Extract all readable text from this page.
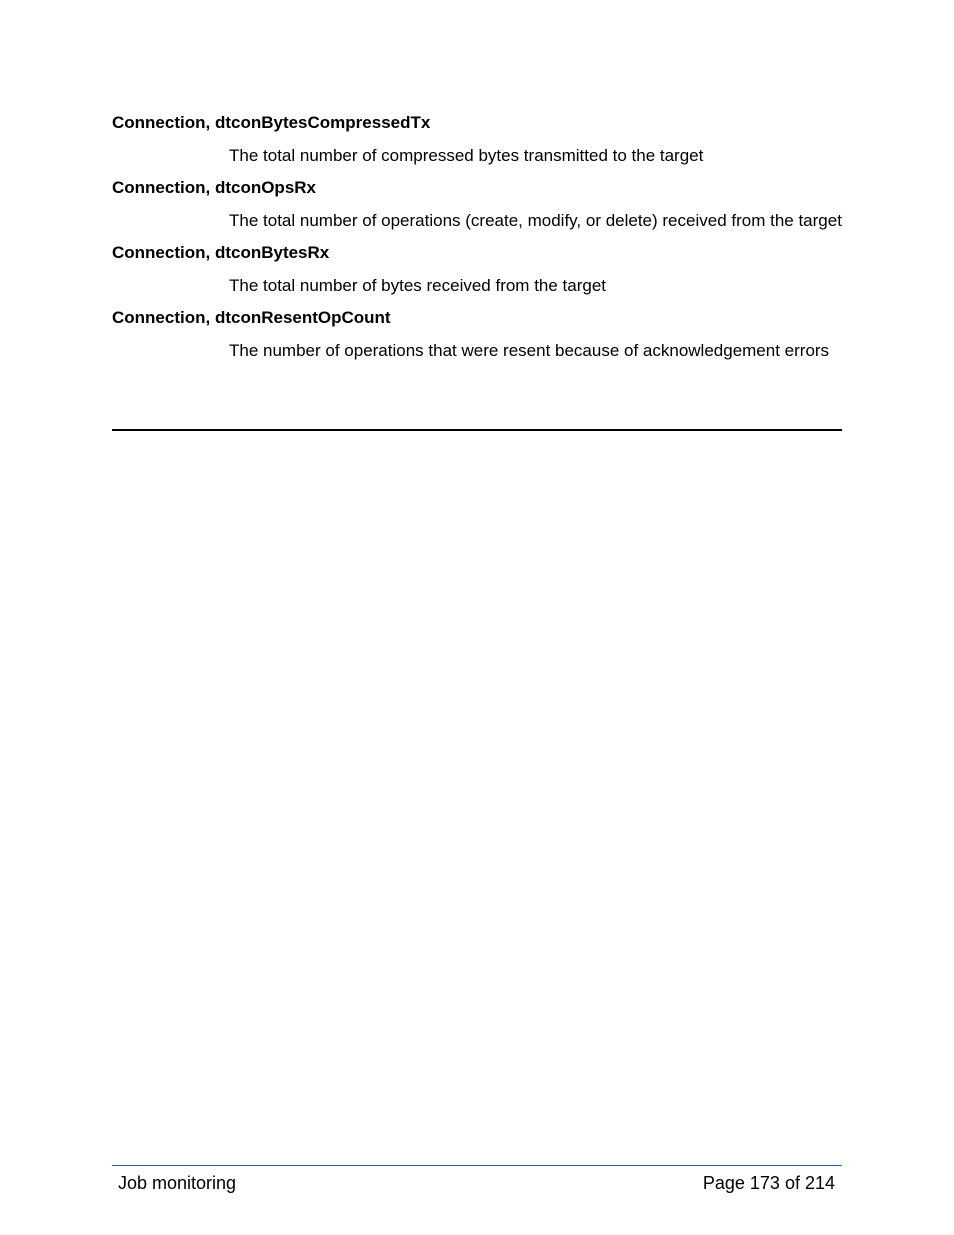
Connection, dtconBytesCompressedTx

The total number of compressed bytes transmitted to the target

Connection, dtconOpsRx

The total number of operations (create, modify, or delete) received from the target

Connection, dtconBytesRx

The total number of bytes received from the target

Connection, dtconResentOpCount

The number of operations that were resent because of acknowledgement errors

Job monitoring	Page 173 of 214
